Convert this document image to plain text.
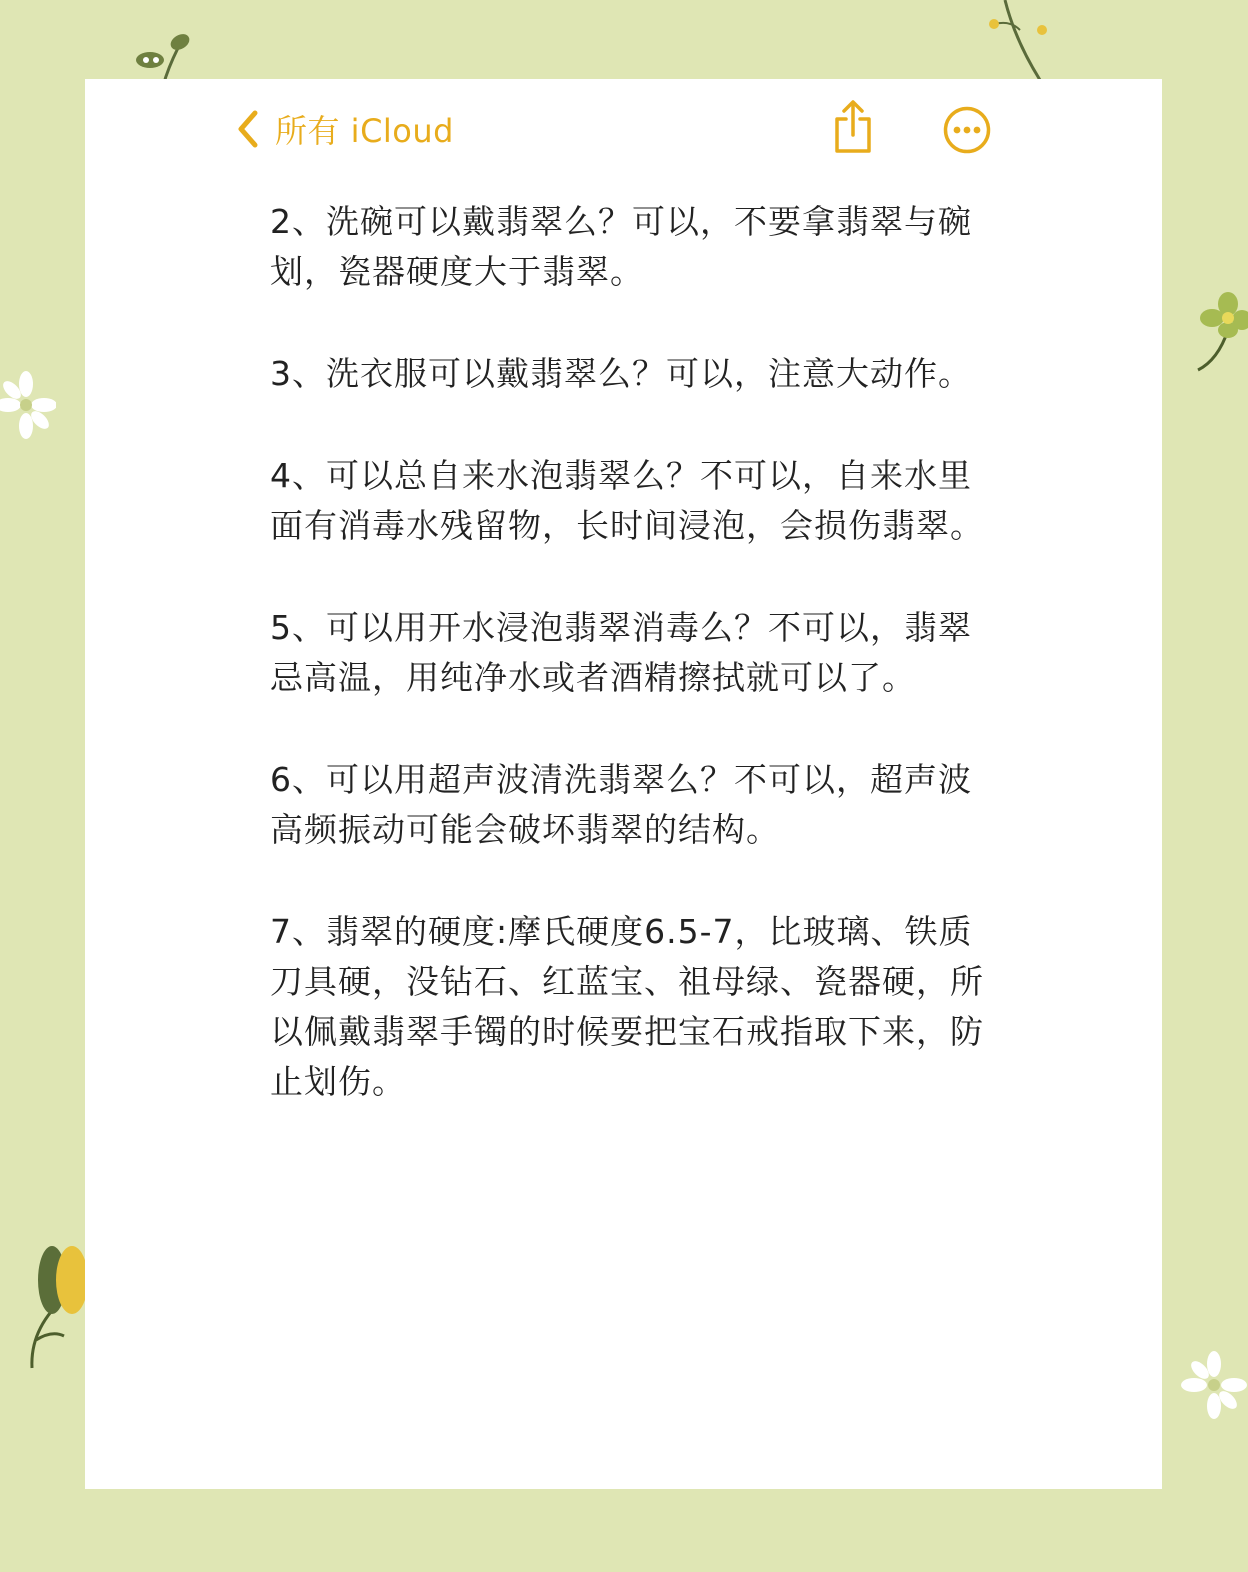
所有 iCloud

2、洗碗可以戴翡翠么？可以，不要拿翡翠与碗划，瓷器硬度大于翡翠。

3、洗衣服可以戴翡翠么？可以，注意大动作。

4、可以总自来水泡翡翠么？不可以，自来水里面有消毒水残留物，长时间浸泡，会损伤翡翠。

5、可以用开水浸泡翡翠消毒么？不可以，翡翠忌高温，用纯净水或者酒精擦拭就可以了。

6、可以用超声波清洗翡翠么？不可以，超声波高频振动可能会破坏翡翠的结构。

7、翡翠的硬度:摩氏硬度6.5-7，比玻璃、铁质刀具硬，没钻石、红蓝宝、祖母绿、瓷器硬，所以佩戴翡翠手镯的时候要把宝石戒指取下来，防止划伤。
